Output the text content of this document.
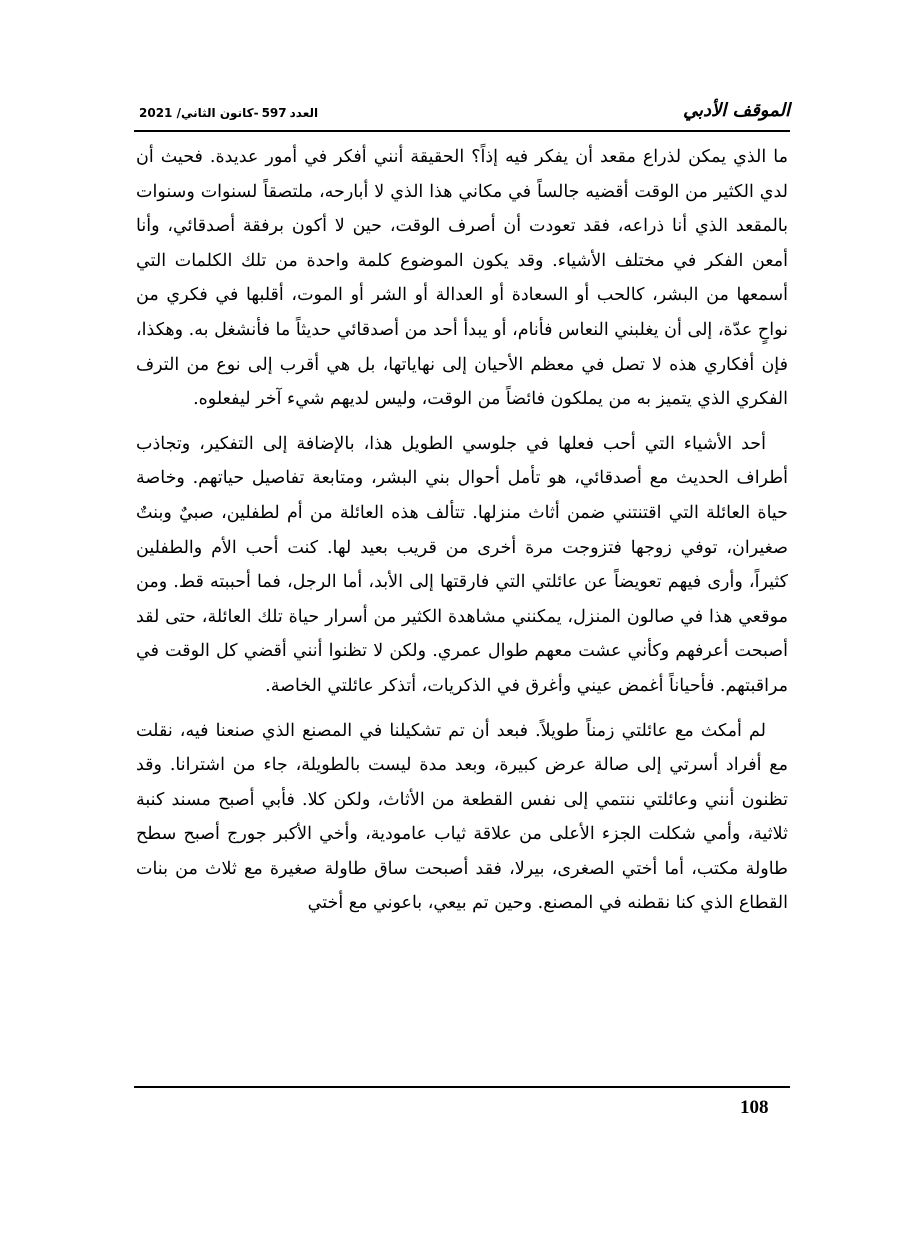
العدد597-كانون الثاني/ 2021	الموقف الأدبي

ما الذي يمكن لذراع مقعد أن يفكر فيه إذاً؟ الحقيقة أنني أفكر في أمور عديدة. فحيث أن لدي الكثير من الوقت أقضيه جالساً في مكاني هذا الذي لا أبارحه، ملتصقاً لسنوات وسنوات بالمقعد الذي أنا ذراعه، فقد تعودت أن أصرف الوقت، حين لا أكون برفقة أصدقائي، وأنا أمعن الفكر في مختلف الأشياء. وقد يكون الموضوع كلمة واحدة من تلك الكلمات التي أسمعها من البشر، كالحب أو السعادة أو العدالة أو الشر أو الموت، أقلبها في فكري من نواحٍ عدّة، إلى أن يغلبني النعاس فأنام، أو يبدأ أحد من أصدقائي حديثاً ما فأنشغل به. وهكذا، فإن أفكاري هذه لا تصل في معظم الأحيان إلى نهاياتها، بل هي أقرب إلى نوع من الترف الفكري الذي يتميز به من يملكون فائضاً من الوقت، وليس لديهم شيء آخر ليفعلوه.

أحد الأشياء التي أحب فعلها في جلوسي الطويل هذا، بالإضافة إلى التفكير، وتجاذب أطراف الحديث مع أصدقائي، هو تأمل أحوال بني البشر، ومتابعة تفاصيل حياتهم. وخاصة حياة العائلة التي اقتنتني ضمن أثاث منزلها. تتألف هذه العائلة من أم لطفلين، صبيٌ وبنتٌ صغيران، توفي زوجها فتزوجت مرة أخرى من قريب بعيد لها. كنت أحب الأم والطفلين كثيراً، وأرى فيهم تعويضاً عن عائلتي التي فارقتها إلى الأبد، أما الرجل، فما أحببته قط. ومن موقعي هذا في صالون المنزل، يمكنني مشاهدة الكثير من أسرار حياة تلك العائلة، حتى لقد أصبحت أعرفهم وكأني عشت معهم طوال عمري. ولكن لا تظنوا أنني أقضي كل الوقت في مراقبتهم. فأحياناً أغمض عيني وأغرق في الذكريات، أتذكر عائلتي الخاصة.

لم أمكث مع عائلتي زمناً طويلاً. فبعد أن تم تشكيلنا في المصنع الذي صنعنا فيه، نقلت مع أفراد أسرتي إلى صالة عرض كبيرة، وبعد مدة ليست بالطويلة، جاء من اشترانا. وقد تظنون أنني وعائلتي ننتمي إلى نفس القطعة من الأثاث، ولكن كلا. فأبي أصبح مسند كنبة ثلاثية، وأمي شكلت الجزء الأعلى من علاقة ثياب عامودية، وأخي الأكبر جورج أصبح سطح طاولة مكتب، أما أختي الصغرى، بيرلا، فقد أصبحت ساق طاولة صغيرة مع ثلاث من بنات القطاع الذي كنا نقطنه في المصنع. وحين تم بيعي، باعوني مع أختي

108
